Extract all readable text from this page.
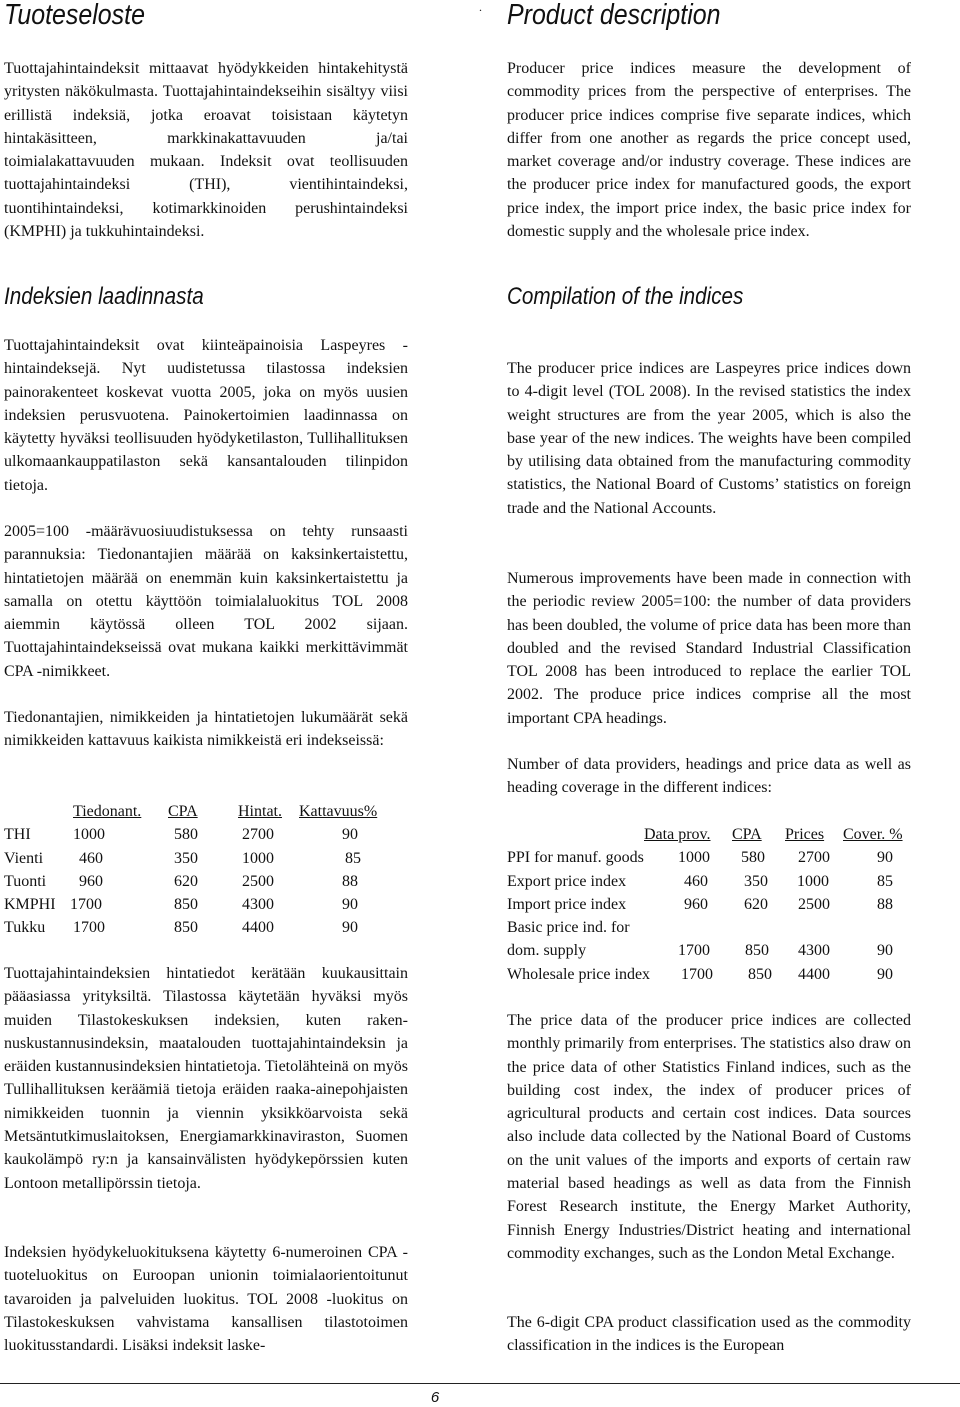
.
Tuoteseloste

Tuottajahintaindeksit mittaavat hyödykkeiden hintakehitystä yritysten näkökulmasta. Tuottajahintaindekseihin sisältyy viisi erillistä indeksiä, jotka eroavat toisistaan käytetyn hintakäsitteen, markkinakattavuuden ja/tai toimialakattavuuden mukaan. Indeksit ovat teollisuuden tuottajahintaindeksi (THI), vientihintaindeksi, tuontihintaindeksi, kotimarkkinoiden perushintaindeksi (KMPHI) ja tukkuhintaindeksi.

Indeksien laadinnasta

Tuottajahintaindeksit ovat kiinteäpainoisia Laspeyres -hintaindeksejä. Nyt uudistetussa tilastossa indeksien painorakenteet koskevat vuotta 2005, joka on myös uusien indeksien perusvuotena. Painokertoimien laadinnassa on käytetty hyväksi teollisuuden hyödyketilaston, Tullihallituksen ulkomaankauppatilaston sekä kansantalouden tilinpidon tietoja.

2005=100 -määrävuosiuudistuksessa on tehty runsaasti parannuksia: Tiedonantajien määrää on kaksinkertaistettu, hintatietojen määrää on enemmän kuin kaksinkertaistettu ja samalla on otettu käyttöön toimialaluokitus TOL 2008 aiemmin käytössä olleen TOL 2002 sijaan. Tuottajahintaindekseissä ovat mukana kaikki merkittävimmät CPA -nimikkeet.

Tiedonantajien, nimikkeiden ja hintatietojen lukumäärät sekä nimikkeiden kattavuus kaikista nimikkeistä eri indekseissä:

Tiedonant. CPA	Hintat. Kattavuus%
THI	1000	580	2700	90
Vienti 460	350	1000	85
Tuonti 960	620	2500	88
KMPHI 1700	850	4300	90
Tukku 1700	850	4400	90

Tuottajahintaindeksien hintatiedot kerätään kuukausittain pääasiassa yrityksiltä. Tilastossa käytetään hyväksi myös muiden Tilastokeskuksen indeksien, kuten rakennuskustannusindeksin, maatalouden tuottajahintaindeksin ja eräiden kustannusindeksien hintatietoja. Tietolähteinä on myös Tullihallituksen keräämiä tietoja eräiden raaka-ainepohjaisten nimikkeiden tuonnin ja viennin yksikköarvoista sekä Metsäntutkimuslaitoksen, Energiamarkkinaviraston, Suomen kaukolämpö ry:n ja kansainvälisten hyödykepörssien kuten Lontoon metallipörssin tietoja.

Indeksien hyödykeluokituksena käytetty 6-numeroinen CPA -tuoteluokitus on Euroopan unionin toimialaorientoitunut tavaroiden ja palveluiden luokitus. TOL 2008 -luokitus on Tilastokeskuksen vahvistama kansallisen tilastotoimen luokitusstandardi. Lisäksi indeksit laske-

Product description

Producer price indices measure the development of commodity prices from the perspective of enterprises. The producer price indices comprise five separate indices, which differ from one another as regards the price concept used, market coverage and/or industry coverage. These indices are the producer price index for manufactured goods, the export price index, the import price index, the basic price index for domestic supply and the wholesale price index.

Compilation of the indices

The producer price indices are Laspeyres price indices down to 4-digit level (TOL 2008). In the revised statistics the index weight structures are from the year 2005, which is also the base year of the new indices. The weights have been compiled by utilising data obtained from the manufacturing commodity statistics, the National Board of Customs’ statistics on foreign trade and the National Accounts.

Numerous improvements have been made in connection with the periodic review 2005=100: the number of data providers has been doubled, the volume of price data has been more than doubled and the revised Standard Industrial Classification TOL 2008 has been introduced to replace the earlier TOL 2002. The produce price indices comprise all the most important CPA headings.

Number of data providers, headings and price data as well as heading coverage in the different indices:

Data prov. CPA Prices Cover. %
PPI for manuf. goods 1000 580 2700	90
Export price index	460 350 1000	85
Import price index	960 620 2500	88
Basic price ind. for
dom. supply	1700 850 4300	90
Wholesale price index 1700 850 4400	90

The price data of the producer price indices are collected monthly primarily from enterprises. The statistics also draw on the price data of other Statistics Finland indices, such as the building cost index, the index of producer prices of agricultural products and certain cost indices. Data sources also include data collected by the National Board of Customs on the unit values of the imports and exports of certain raw material based headings as well as data from the Finnish Forest Research institute, the Energy Market Authority, Finnish Energy Industries/District heating and international commodity exchanges, such as the London Metal Exchange.

The 6-digit CPA product classification used as the commodity classification in the indices is the European

6
